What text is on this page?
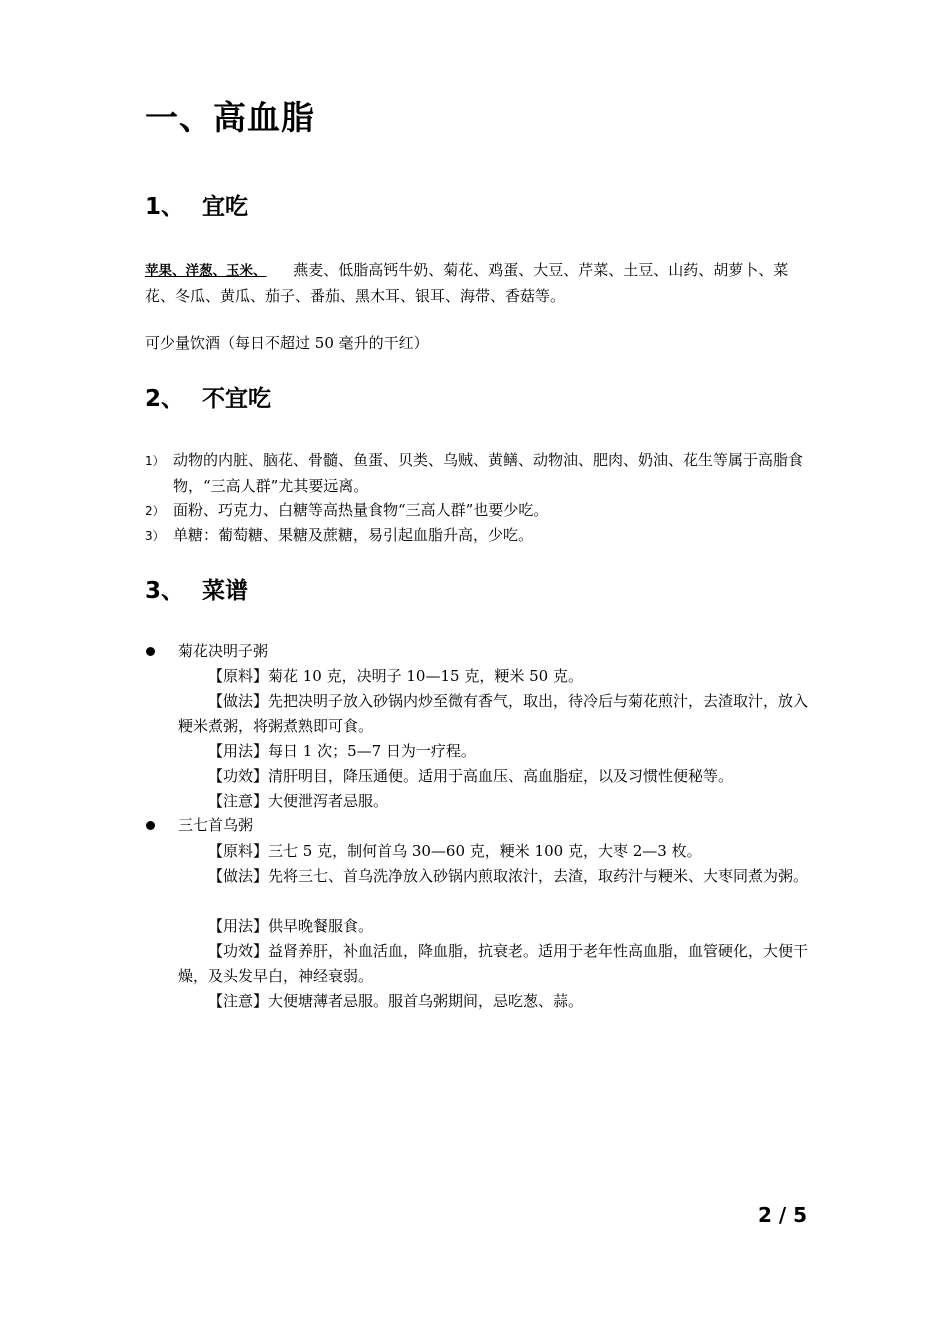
一、高血脂
1、 宜吃

苹果、洋葱、玉米、 燕麦、低脂高钙牛奶、菊花、鸡蛋、大豆、芹菜、土豆、山药、胡萝卜、菜花、冬瓜、黄瓜、茄子、番茄、黑木耳、银耳、海带、香菇等。

可少量饮酒（每日不超过 50 毫升的干红）

2、 不宜吃

1） 动物的内脏、脑花、骨髓、鱼蛋、贝类、乌贼、黄鳝、动物油、肥肉、奶油、花生等属于高脂食物，“三高人群”尤其要远离。

2） 面粉、巧克力、白糖等高热量食物“三高人群”也要少吃。

3） 单糖：葡萄糖、果糖及蔗糖，易引起血脂升高，少吃。

3、 菜谱
菊花决明子粥

【原料】菊花 10 克，决明子 10—15 克，粳米 50 克。

【做法】先把决明子放入砂锅内炒至微有香气，取出，待冷后与菊花煎汁，去渣取汁，放入粳米煮粥，将粥煮熟即可食。

【用法】每日 1 次；5—7 日为一疗程。

【功效】清肝明目，降压通便。适用于高血压、高血脂症，以及习惯性便秘等。

【注意】大便泄泻者忌服。

三七首乌粥

【原料】三七 5 克，制何首乌 30—60 克，粳米 100 克，大枣 2—3 枚。

【做法】先将三七、首乌洗净放入砂锅内煎取浓汁，去渣，取药汁与粳米、大枣同煮为粥。

【用法】供早晚餐服食。

【功效】益肾养肝，补血活血，降血脂，抗衰老。适用于老年性高血脂，血管硬化，大便干燥，及头发早白，神经衰弱。

【注意】大便塘薄者忌服。服首乌粥期间，忌吃葱、蒜。

2 / 5
